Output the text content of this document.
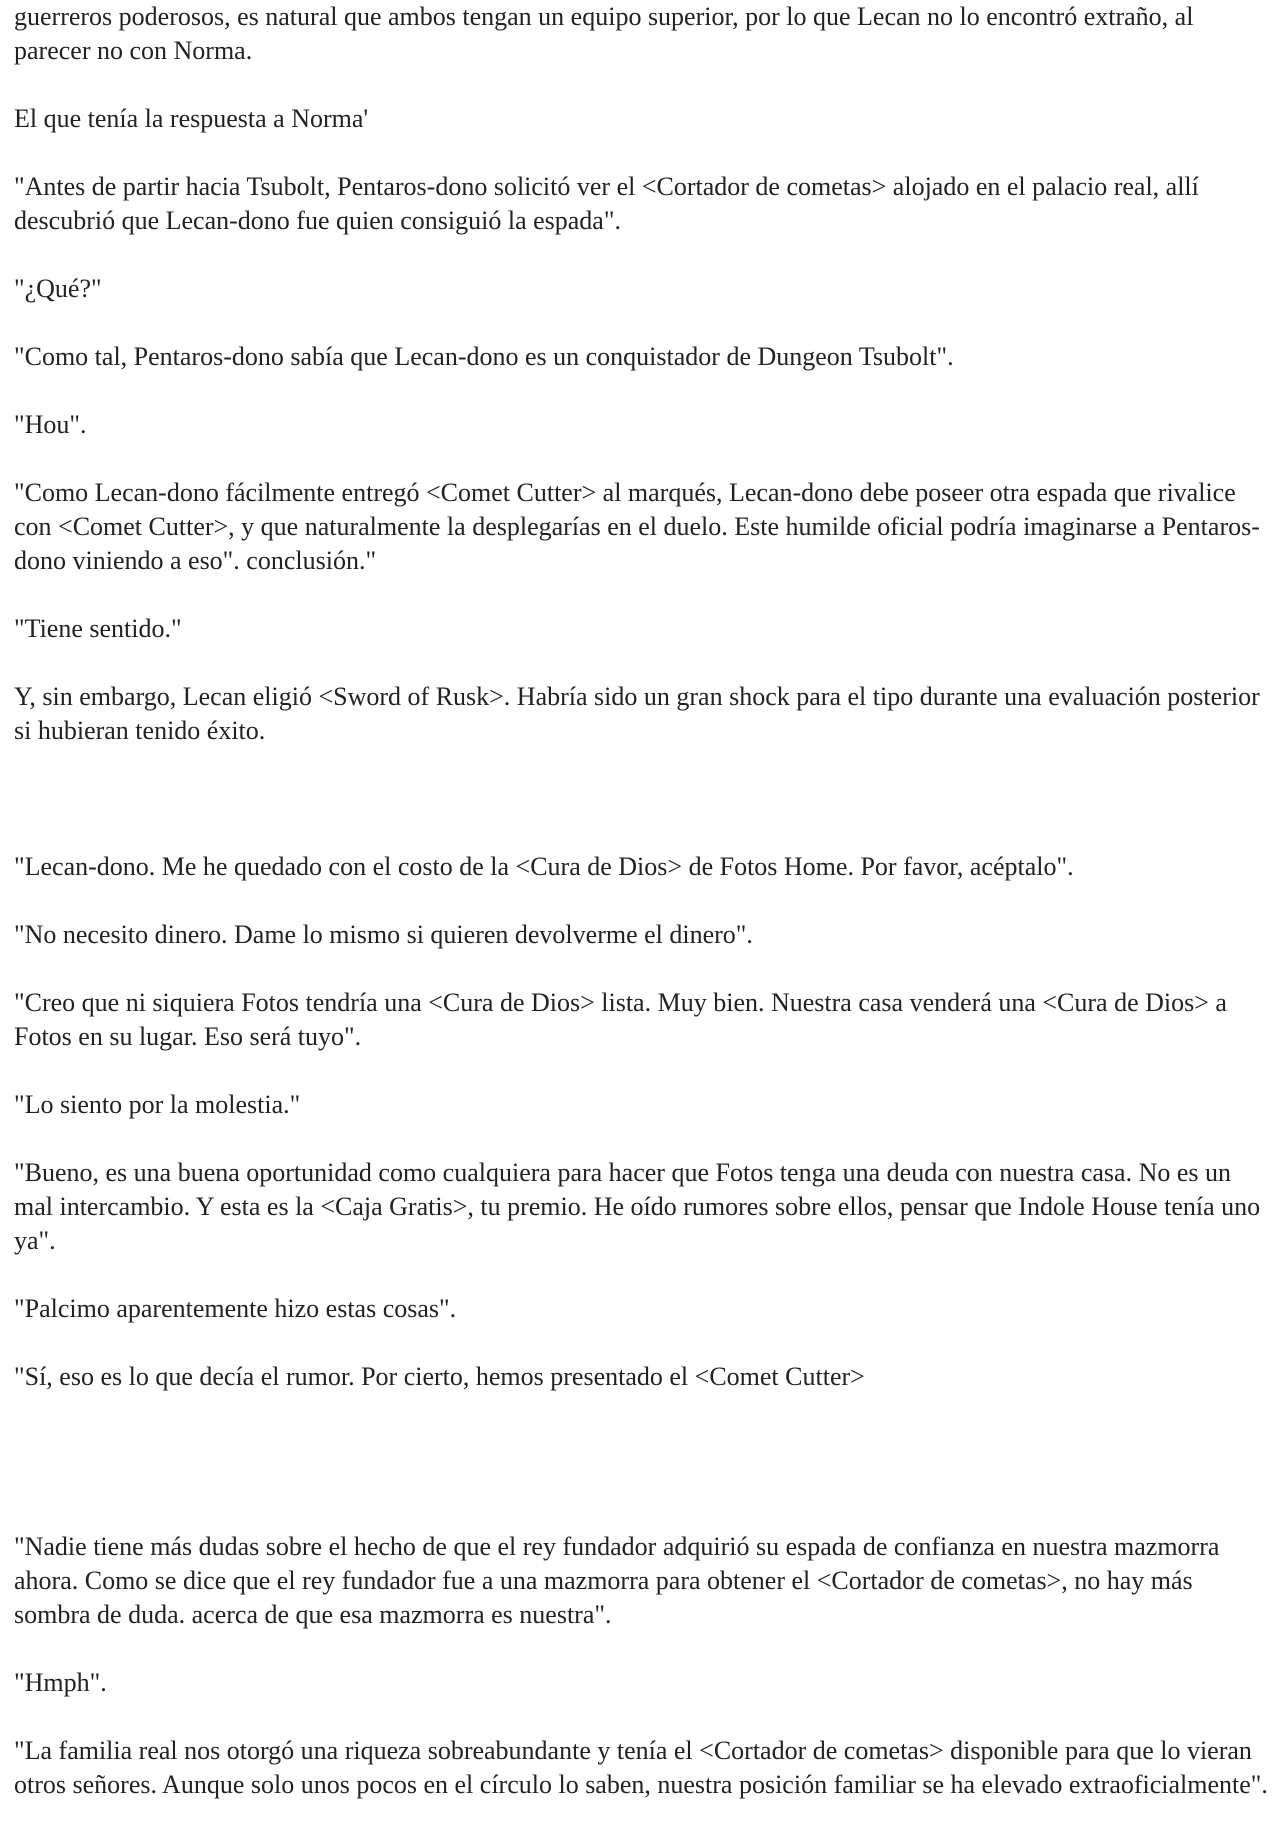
guerreros poderosos, es natural que ambos tengan un equipo superior, por lo que Lecan no lo encontró extraño, al parecer no con Norma.

El que tenía la respuesta a Norma'

"Antes de partir hacia Tsubolt, Pentaros-dono solicitó ver el <Cortador de cometas> alojado en el palacio real, allí descubrió que Lecan-dono fue quien consiguió la espada".

"¿Qué?"

"Como tal, Pentaros-dono sabía que Lecan-dono es un conquistador de Dungeon Tsubolt".

"Hou".

"Como Lecan-dono fácilmente entregó <Comet Cutter> al marqués, Lecan-dono debe poseer otra espada que rivalice con <Comet Cutter>, y que naturalmente la desplegarías en el duelo. Este humilde oficial podría imaginarse a Pentaros-dono viniendo a eso". conclusión."

"Tiene sentido."

Y, sin embargo, Lecan eligió <Sword of Rusk>. Habría sido un gran shock para el tipo durante una evaluación posterior si hubieran tenido éxito.

"Lecan-dono. Me he quedado con el costo de la <Cura de Dios> de Fotos Home. Por favor, acéptalo".

"No necesito dinero. Dame lo mismo si quieren devolverme el dinero".

"Creo que ni siquiera Fotos tendría una <Cura de Dios> lista. Muy bien. Nuestra casa venderá una <Cura de Dios> a Fotos en su lugar. Eso será tuyo".

"Lo siento por la molestia."

"Bueno, es una buena oportunidad como cualquiera para hacer que Fotos tenga una deuda con nuestra casa. No es un mal intercambio. Y esta es la <Caja Gratis>, tu premio. He oído rumores sobre ellos, pensar que Indole House tenía uno ya".

"Palcimo aparentemente hizo estas cosas".

"Sí, eso es lo que decía el rumor. Por cierto, hemos presentado el <Comet Cutter>

"Nadie tiene más dudas sobre el hecho de que el rey fundador adquirió su espada de confianza en nuestra mazmorra ahora. Como se dice que el rey fundador fue a una mazmorra para obtener el <Cortador de cometas>, no hay más sombra de duda. acerca de que esa mazmorra es nuestra".

"Hmph".

"La familia real nos otorgó una riqueza sobreabundante y tenía el <Cortador de cometas> disponible para que lo vieran otros señores. Aunque solo unos pocos en el círculo lo saben, nuestra posición familiar se ha elevado extraoficialmente".
